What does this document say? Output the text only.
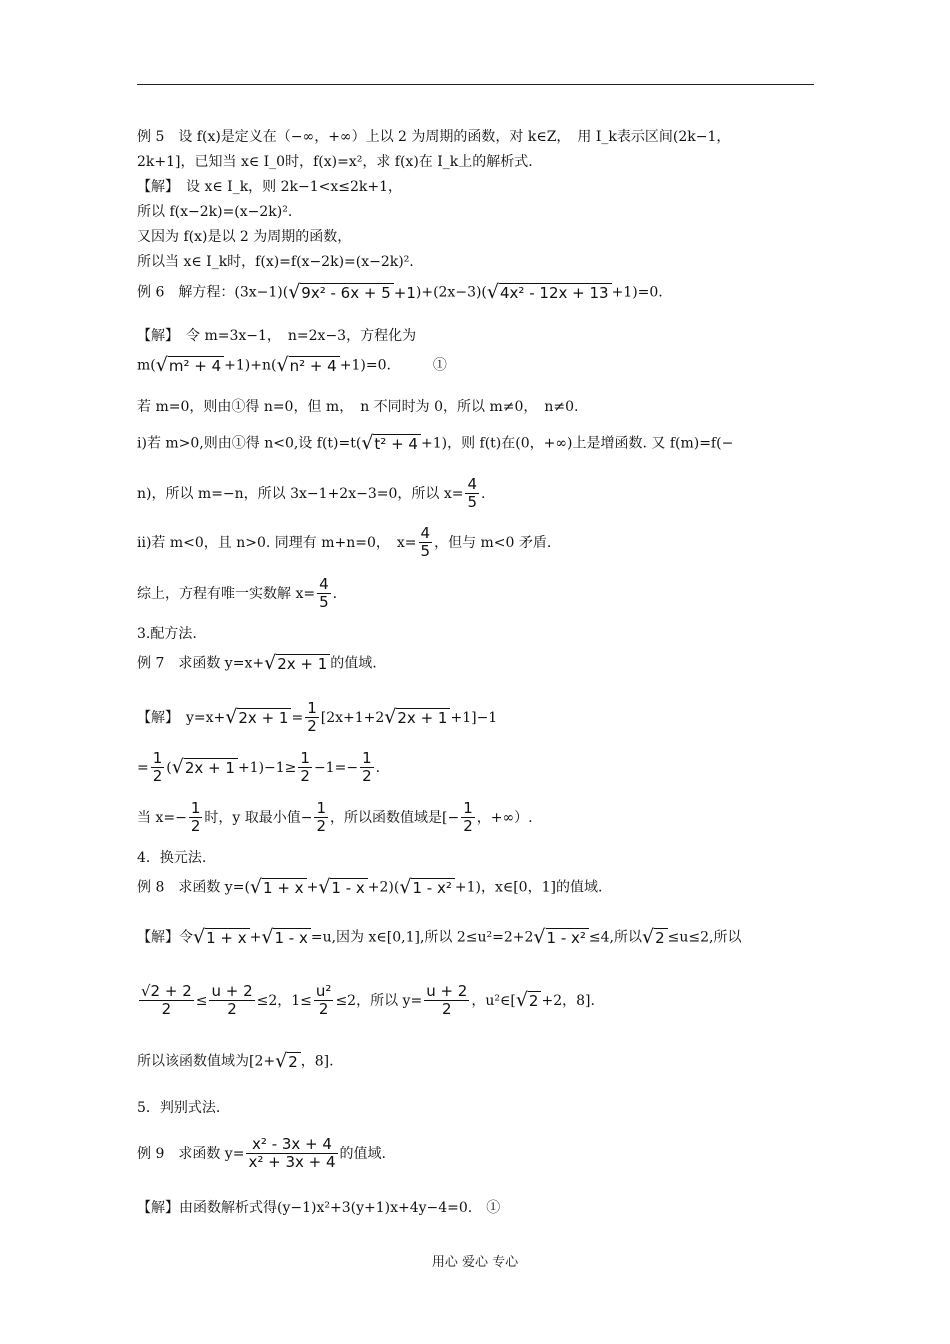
例 5　设 f(x)是定义在（−∞，+∞）上以 2 为周期的函数，对 k∈Z，　用 I_k表示区间(2k−1，
2k+1]，已知当 x∈ I_0时，f(x)=x²，求 f(x)在 I_k上的解析式.
【解】　设 x∈ I_k，则 2k−1<x≤2k+1，
所以 f(x−2k)=(x−2k)².
又因为 f(x)是以 2 为周期的函数，
所以当 x∈ I_k时，f(x)=f(x−2k)=(x−2k)².
例 6　解方程：(3x−1)(√9x² - 6x + 5 +1)+(2x−3)(√4x² - 12x + 13 +1)=0.
【解】　令 m=3x−1，　n=2x−3，方程化为
m(√m² + 4 +1)+n(√n² + 4 +1)=0.　　　①
若 m=0，则由①得 n=0，但 m，　n 不同时为 0，所以 m≠0，　n≠0.
ⅰ)若 m>0,则由①得 n<0,设 f(t)=t(√t² + 4 +1)，则 f(t)在(0，+∞)上是增函数. 又 f(m)=f(−
n)，所以 m=−n，所以 3x−1+2x−3=0，所以 $x= \frac{4}{5}$ .
ⅱ)若 m<0，且 n>0. 同理有 m+n=0，　$x= \frac{4}{5}$ ，但与 m<0 矛盾.
综上，方程有唯一实数解 $x= \frac{4}{5}$ .
3.配方法.
例 7　求函数 y=x+√2x + 1 的值域.
【解】　$y=x+√2x + 1 = \frac{1}{2} [2x+1+2√2x + 1 +1]-1$
= $\frac{1}{2} (√2x + 1 +1)-1\ge \frac{1}{2} -1=- \frac{1}{2}$ .
当 $x=- \frac{1}{2}$ 时，y 取最小值− $\frac{1}{2}$ ，所以函数值域是[− $\frac{1}{2}$ ，+∞）.
4．换元法.
例 8　求函数 y=(√1 + x +√1 - x +2)(√1 - x² +1)，x∈[0，1]的值域.
【解】令√1 + x +√1 - x =u,因为 x∈[0,1],所以 2≤u²=2+2√1 - x² ≤4,所以√2 ≤u≤2,所以
$\frac{√2 + 2}{2} \le \frac{u + 2}{2} \le 2$，$1\le \frac{\text{u²}}{2} \le 2$，所以 $y= \frac{u + 2}{2}$ ，u²∈[√2 +2，8].
所以该函数值域为[2+√2 ，8].
5．判别式法.
例 9　求函数 $y= \frac{\text{x² - 3x + 4}}{\text{x² + 3x + 4}}$ 的值域.
【解】由函数解析式得(y−1)x²+3(y+1)x+4y−4=0.　①
用心 爱心 专心
